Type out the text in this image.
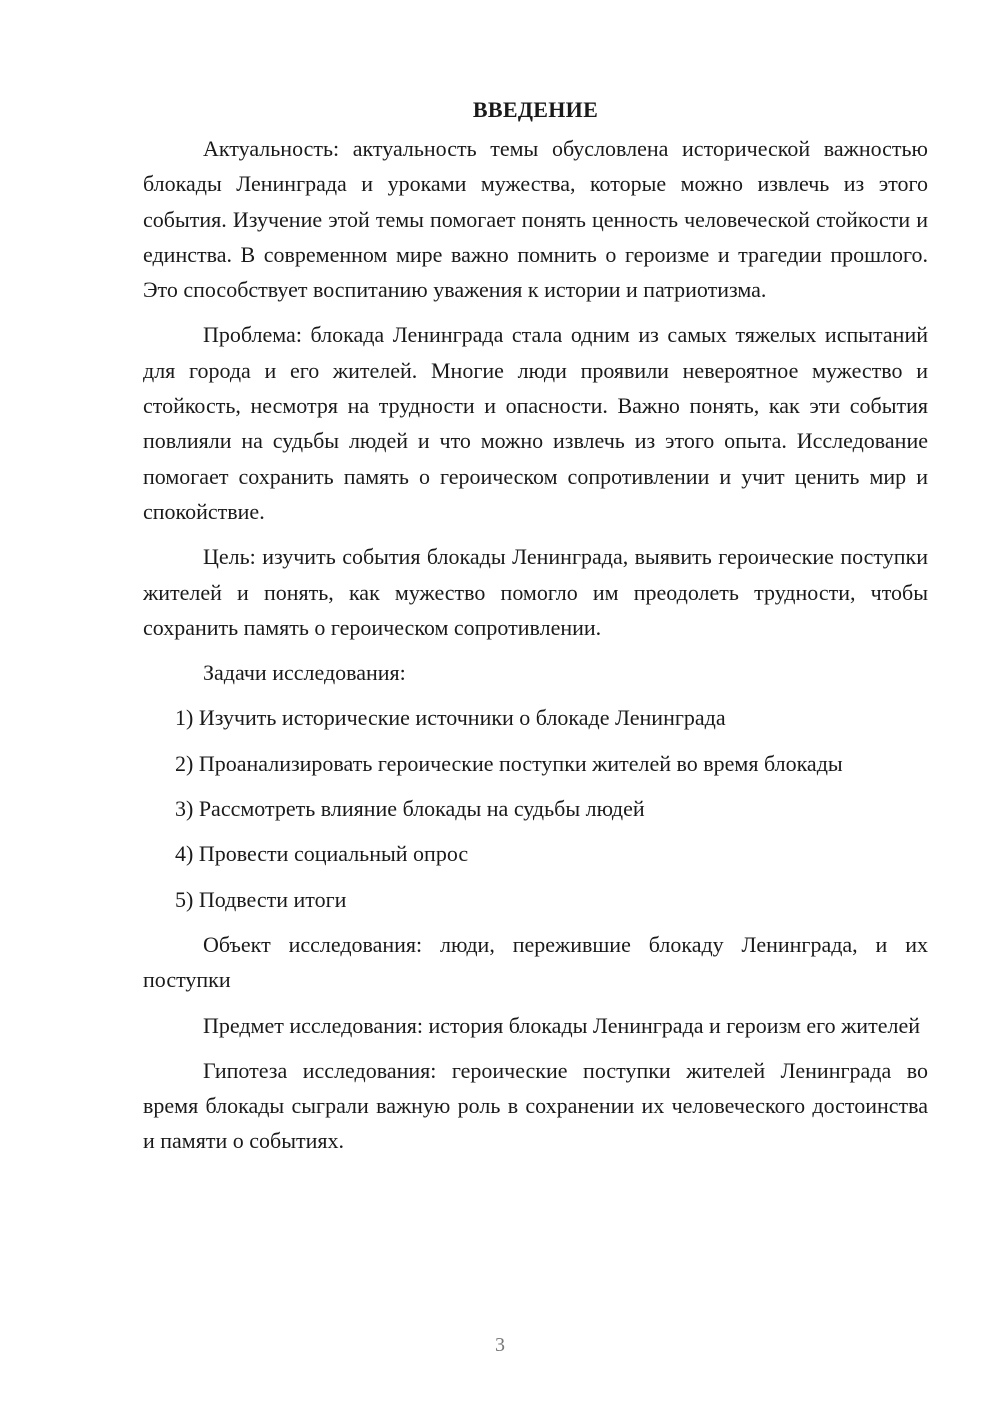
ВВЕДЕНИЕ

Актуальность: актуальность темы обусловлена исторической важностью блокады Ленинграда и уроками мужества, которые можно извлечь из этого события. Изучение этой темы помогает понять ценность человеческой стойкости и единства. В современном мире важно помнить о героизме и трагедии прошлого. Это способствует воспитанию уважения к истории и патриотизма.

Проблема: блокада Ленинграда стала одним из самых тяжелых испытаний для города и его жителей. Многие люди проявили невероятное мужество и стойкость, несмотря на трудности и опасности. Важно понять, как эти события повлияли на судьбы людей и что можно извлечь из этого опыта. Исследование помогает сохранить память о героическом сопротивлении и учит ценить мир и спокойствие.

Цель: изучить события блокады Ленинграда, выявить героические поступки жителей и понять, как мужество помогло им преодолеть трудности, чтобы сохранить память о героическом сопротивлении.

Задачи исследования:

1) Изучить исторические источники о блокаде Ленинграда

2) Проанализировать героические поступки жителей во время блокады

3) Рассмотреть влияние блокады на судьбы людей

4) Провести социальный опрос

5) Подвести итоги

Объект исследования: люди, пережившие блокаду Ленинграда, и их поступки

Предмет исследования: история блокады Ленинграда и героизм его жителей

Гипотеза исследования: героические поступки жителей Ленинграда во время блокады сыграли важную роль в сохранении их человеческого достоинства и памяти о событиях.

3
